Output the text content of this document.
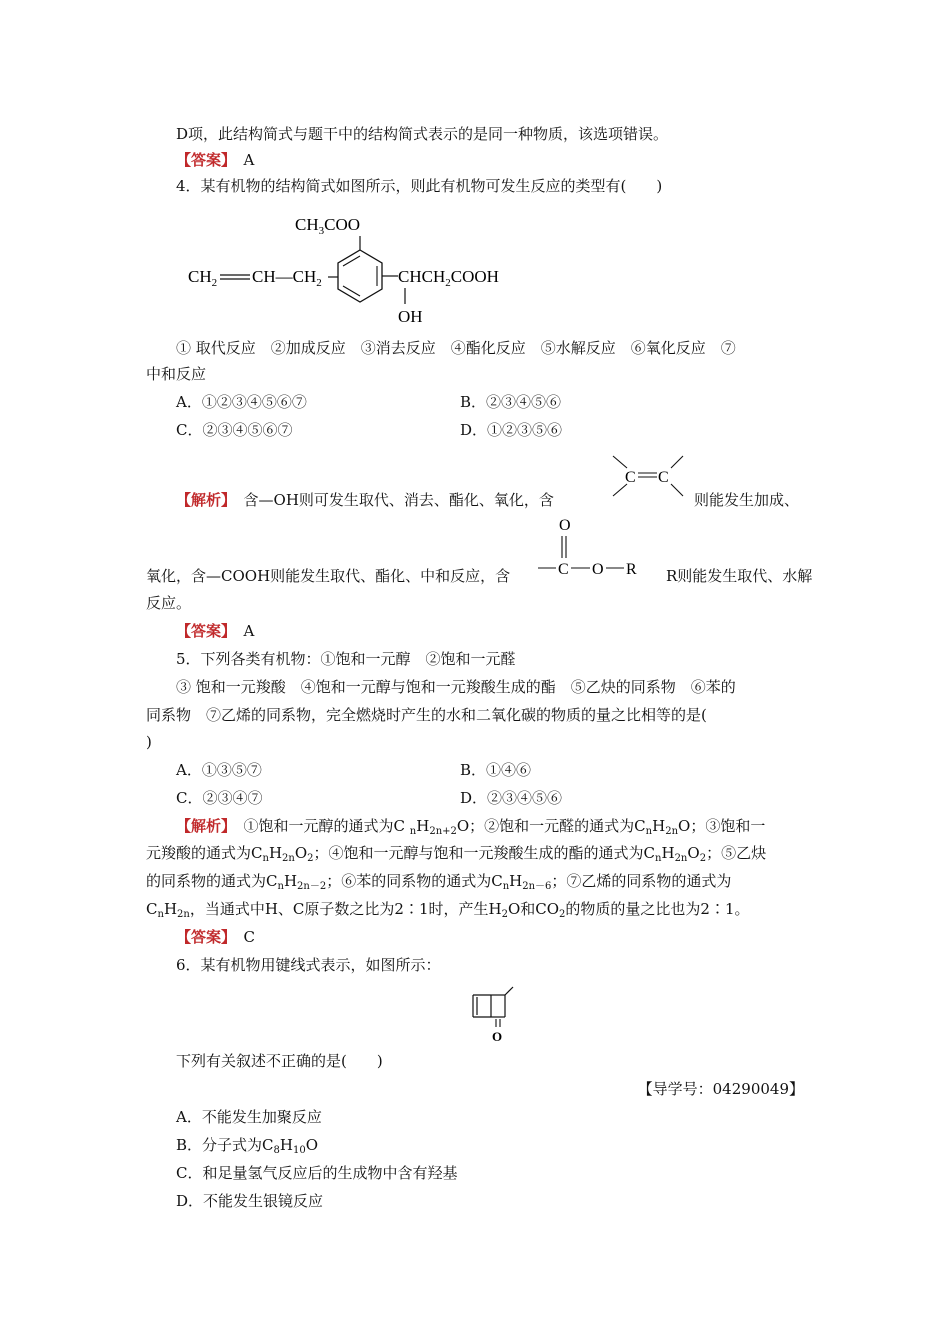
D项，此结构简式与题干中的结构简式表示的是同一种物质，该选项错误。
【答案】　 A
4．某有机物的结构简式如图所示，则此有机物可发生反应的类型有(　　)
$CH_3COO$
$CH_2$ $CH—CH_2$	$CHCH_2COOH$
OH
① 取代反应　②加成反应　③消去反应　④酯化反应　⑤水解反应　⑥氧化反应　⑦
中和反应
A．①②③④⑤⑥⑦	B．②③④⑤⑥
C．②③④⑤⑥⑦	D．①②③⑤⑥
C C
【解析】　 含—OH则可发生取代、消去、酯化、氧化，含	则能发生加成、
O
C O R
氧化，含—COOH则能发生取代、酯化、中和反应，含	R则能发生取代、水解
反应。
【答案】　 A
5．下列各类有机物：①饱和一元醇　②饱和一元醛
③ 饱和一元羧酸　④饱和一元醇与饱和一元羧酸生成的酯　⑤乙炔的同系物　⑥苯的
同系物　⑦乙烯的同系物，完全燃烧时产生的水和二氧化碳的物质的量之比相等的是(
)
A．①③⑤⑦	B．①④⑥
C．②③④⑦	D．②③④⑤⑥
【解析】　 ①饱和一元醇的通式为C $_nH_{2n+2}O$；②饱和一元醛的通式为$C_nH_{2n}O$；③饱和一
元羧酸的通式为$C_nH_{2n}O_2$；④饱和一元醇与饱和一元羧酸生成的酯的通式为$C_nH_{2n}O_2$；⑤乙炔
的同系物的通式为$C_nH_{2n-2}$；⑥苯的同系物的通式为$C_nH_{2n-6}$；⑦乙烯的同系物的通式为
$C_nH_{2n}$，当通式中H、C原子数之比为2∶1时，产生$H_2O$和$CO_2$的物质的量之比也为2∶1。
【答案】　 C
6．某有机物用键线式表示，如图所示：
O
下列有关叙述不正确的是(　　)
【导学号：04290049】
A．不能发生加聚反应
B．分子式为$C_8H_{10}O$
C．和足量氢气反应后的生成物中含有羟基
D．不能发生银镜反应
